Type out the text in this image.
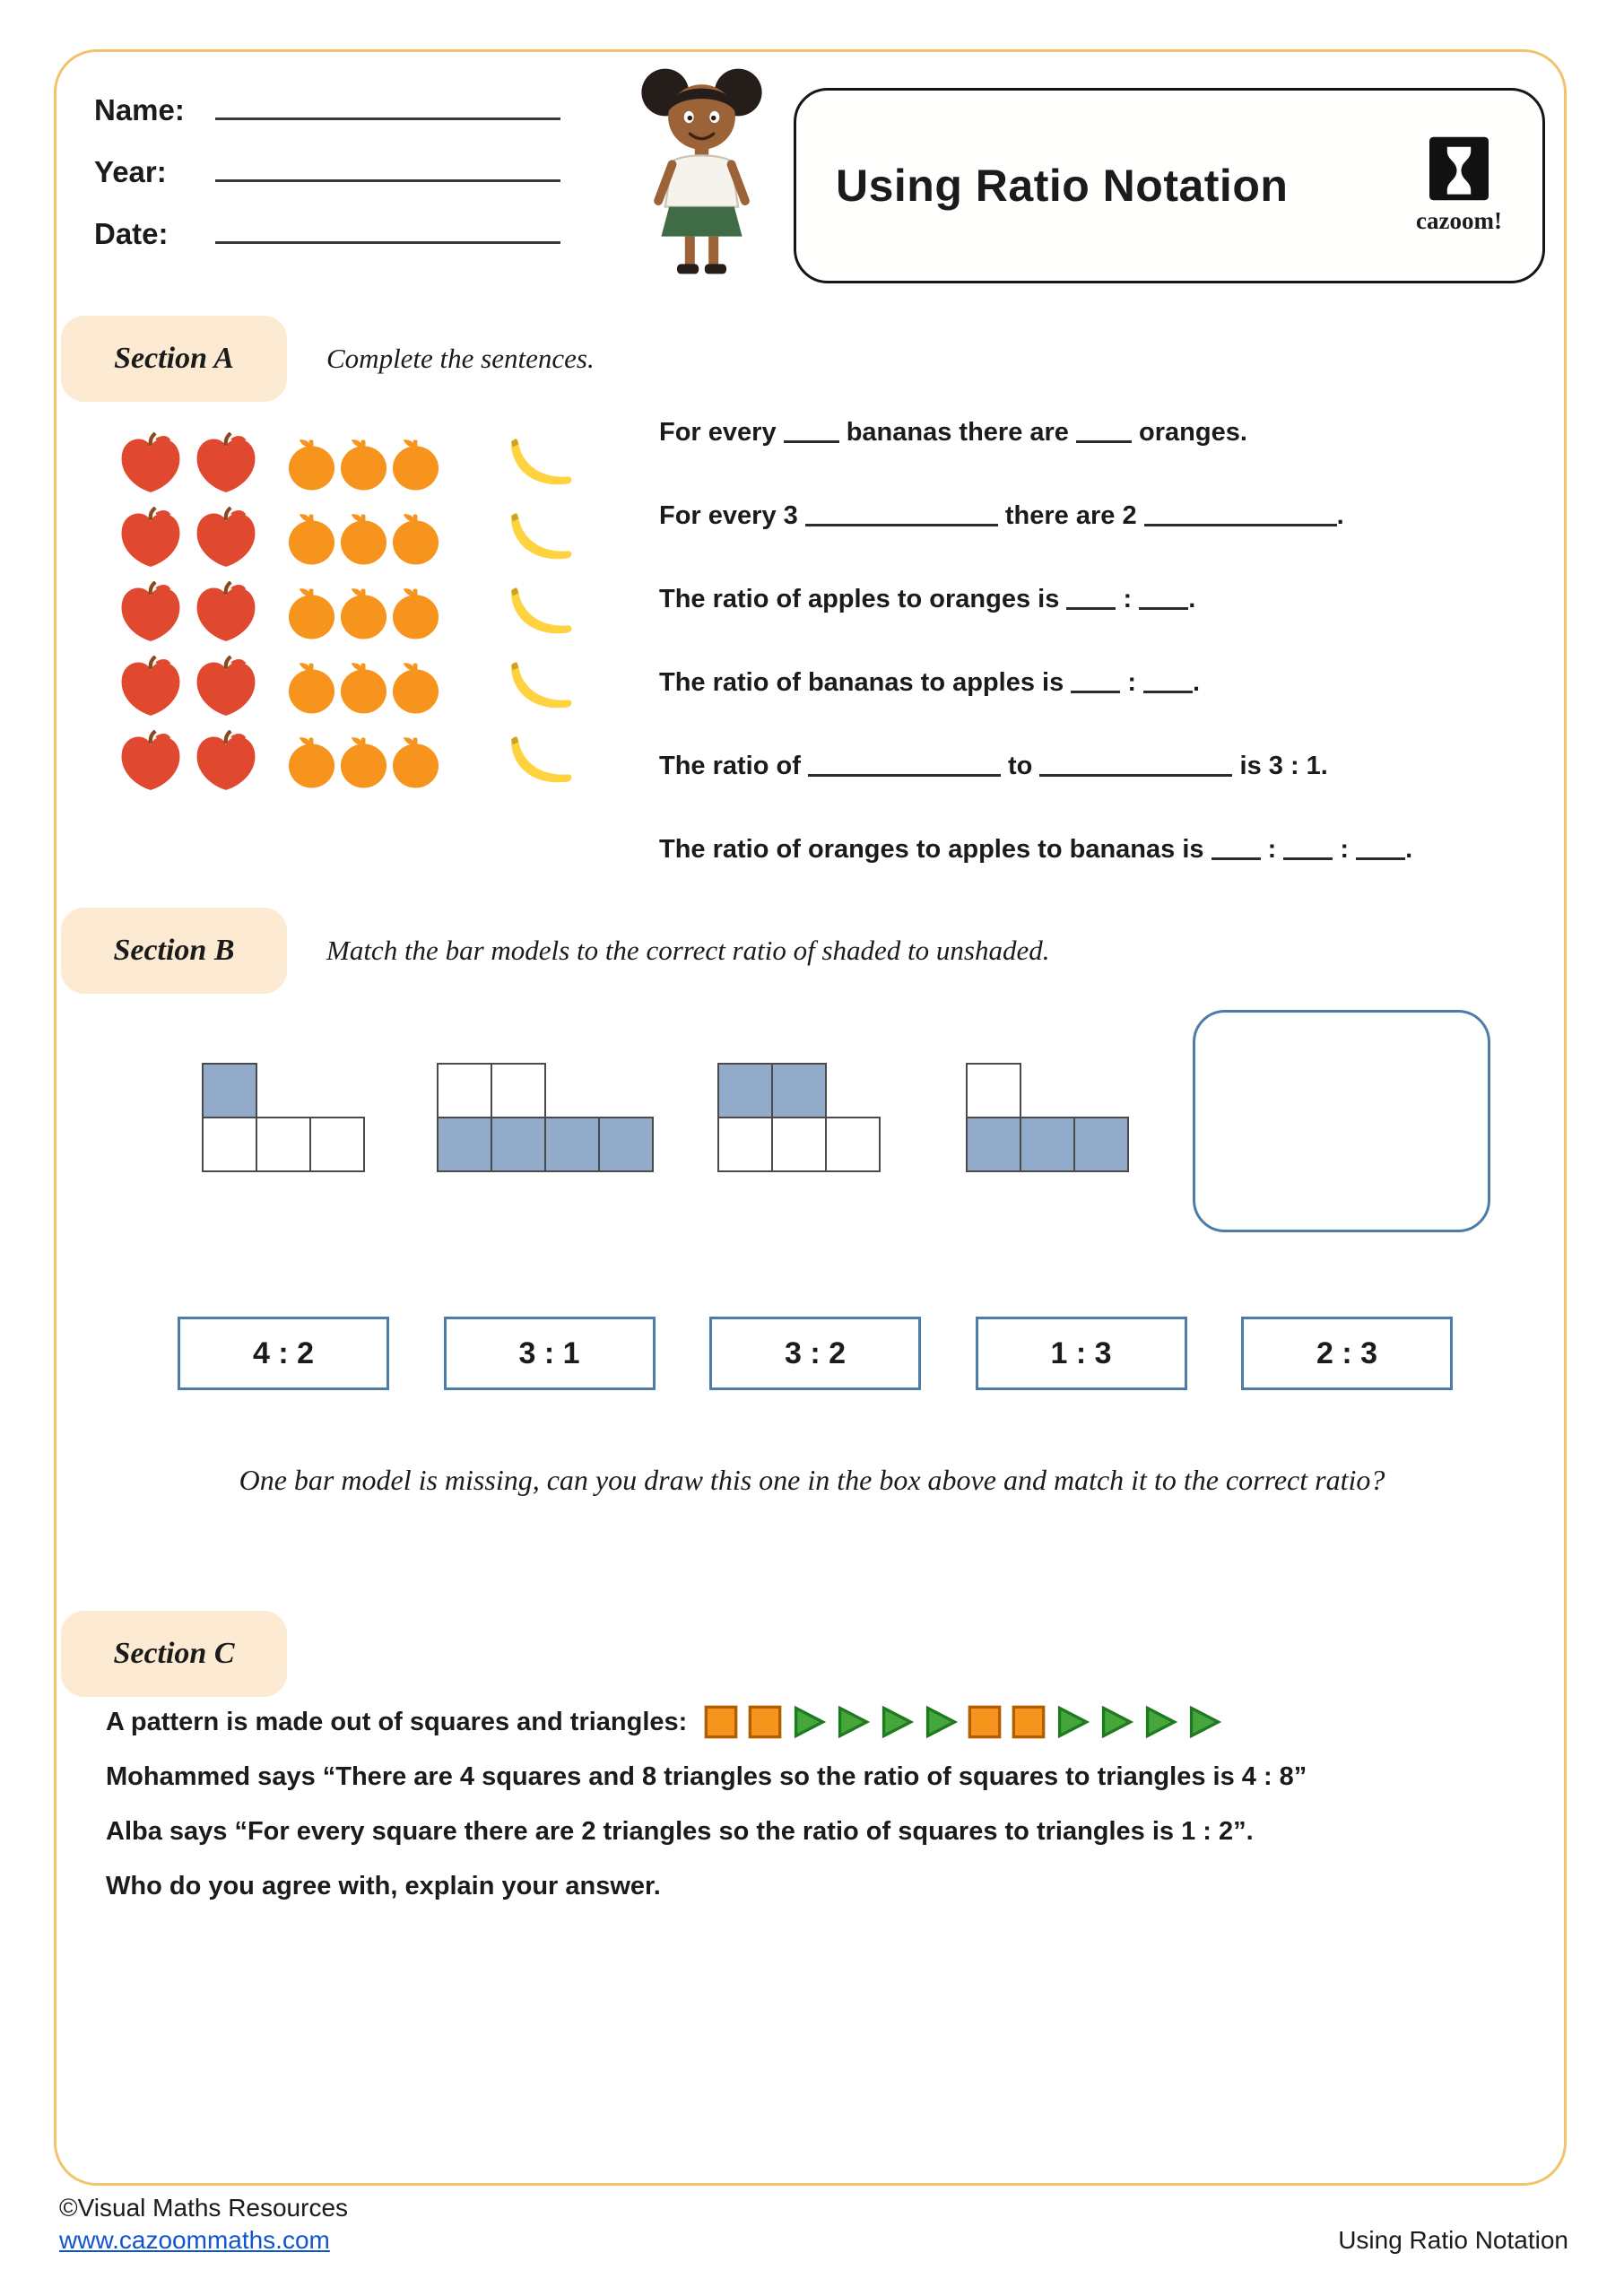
Name:
Year:
Date:
Using Ratio Notation
cazoom!
Section A	Complete the sentences.
For every  bananas there are  oranges.
For every 3	there are 2	.
The ratio of apples to oranges is  : .
The ratio of bananas to apples is  : .
The ratio of	to	is 3 : 1.
The ratio of oranges to apples to bananas is  :  : .
Section B	Match the bar models to the correct ratio of shaded to unshaded.
4 : 2	3 : 1	3 : 2	1 : 3	2 : 3
One bar model is missing, can you draw this one in the box above and match it to the correct ratio?
Section C
A pattern is made out of squares and triangles:
Mohammed says “There are 4 squares and 8 triangles so the ratio of squares to triangles is 4 : 8”
Alba says “For every square there are 2 triangles so the ratio of squares to triangles is 1 : 2”.
Who do you agree with, explain your answer.
©Visual Maths Resources
www.cazoommaths.com	Using Ratio Notation
